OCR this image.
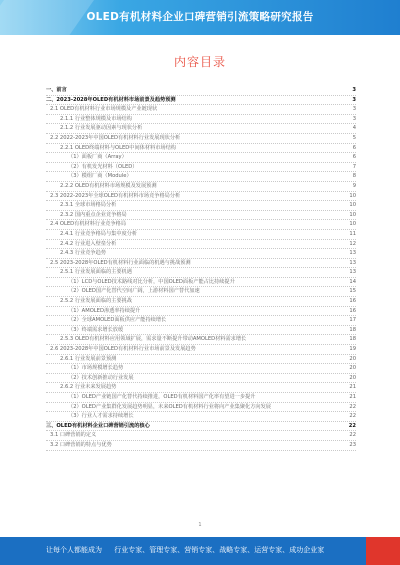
OLED有机材料企业口碑营销引流策略研究报告
内容目录
一、前言	3
二、2023-2028年OLED有机材料市场前景及趋势预测	3
2.1 OLED有机材料行业市场规模及产业链现状	3
2.1.1 行业整体规模及市场结构	3
2.1.2 行业发展驱动因素与现状分析	4
2.2 2022-2023年中国OLED有机材料行业发展现状分析	5
2.2.1 OLED终端材料与OLED中间体材料市场结构	6
（1）面板厂商（Array）	6
（2）有机发光材料（OLED）	7
（3）模组厂商（Module）	8
2.2.2 OLED有机材料市场规模及发展预测	9
2.3 2022-2023年全球OLED有机材料市场竞争格局分析	10
2.3.1 全球市场格局分析	10
2.3.2 国内重点企业竞争格局	10
2.4 OLED有机材料行业竞争格局	10
2.4.1 行业竞争格局与集中度分析	11
2.4.2 行业进入壁垒分析	12
2.4.3 行业竞争趋势	13
2.5 2023-2028年OLED有机材料行业面临的机遇与挑战预测	13
2.5.1 行业发展面临的主要机遇	13
（1）LCD与OLED技术路线对比分析，中国OLED面板产能占比持续提升	14
（2）OLED国产化替代空间广阔，上游材料国产替代加速	15
2.5.2 行业发展面临的主要挑战	16
（1）AMOLED渗透率持续提升	16
（2）全球AMOLED面板供应产能持续增长	17
（3）终端需求增长放缓	18
2.5.3 OLED有机材料应用领域扩展，需求量不断提升带动AMOLED材料需求增长	18
2.6 2023-2028年中国OLED有机材料行业市场前景及发展趋势	19
2.6.1 行业发展前景预测	20
（1）市场规模增长趋势	20
（2）技术创新推动行业发展	20
2.6.2 行业未来发展趋势	21
（1）OLED产业链国产化替代持续推进，OLED有机材料国产化率有望进一步提升	21
（2）OLED产业集群化发展趋势明显，未来OLED有机材料行业将向产业集聚化方向发展	22
（3）行业人才需求持续增长	22
三、OLED有机材料企业口碑营销引流的核心	22
3.1 口碑营销的定义	22
3.2 口碑营销的特点与优势	23
让每个人都能成为 行业专家、管理专家、营销专家、战略专家、运营专家、成功企业家
1
